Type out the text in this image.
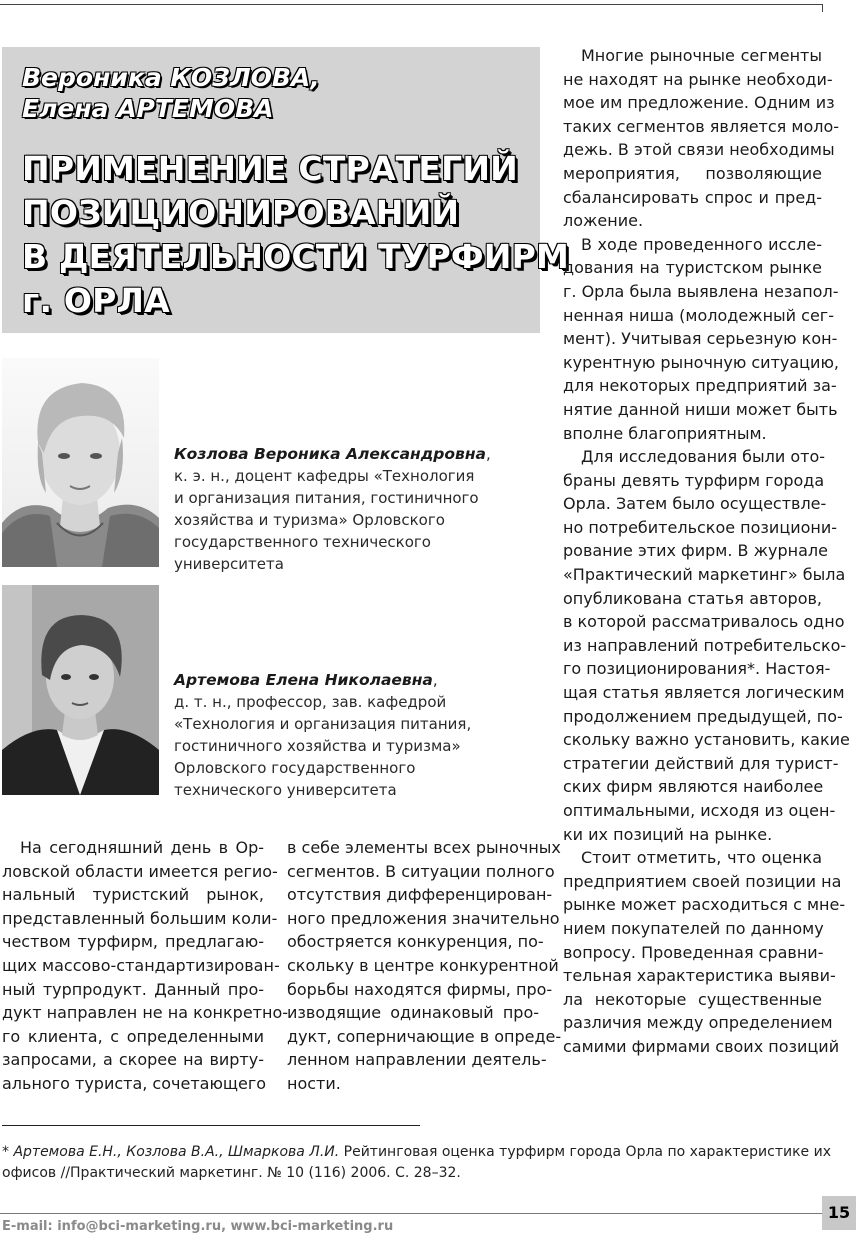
Вероника КОЗЛОВА,
Елена АРТЕМОВА
ПРИМЕНЕНИЕ СТРАТЕГИЙ
ПОЗИЦИОНИРОВАНИЙ
В ДЕЯТЕЛЬНОСТИ ТУРФИРМ
г. ОРЛА
Козлова Вероника Александровна,
к. э. н., доцент кафедры «Технология
и организация питания, гостиничного
хозяйства и туризма» Орловского
государственного технического
университета
Артемова Елена Николаевна,
д. т. н., профессор, зав. кафедрой
«Технология и организация питания,
гостиничного хозяйства и туризма»
Орловского государственного
технического университета
На сегодняшний день в Ор-
ловской области имеется регио-
нальный туристский рынок,
представленный большим коли-
чеством турфирм, предлагаю-
щих массово-стандартизирован-
ный турпродукт. Данный про-
дукт направлен не на конкретно-
го клиента, с определенными
запросами, а скорее на вирту-
ального туриста, сочетающего
в себе элементы всех рыночных
сегментов. В ситуации полного
отсутствия дифференцирован-
ного предложения значительно
обостряется конкуренция, по-
скольку в центре конкурентной
борьбы находятся фирмы, про-
изводящие одинаковый про-
дукт, соперничающие в опреде-
ленном направлении деятель-
ности.
Многие рыночные сегменты
не находят на рынке необходи-
мое им предложение. Одним из
таких сегментов является моло-
дежь. В этой связи необходимы
мероприятия, позволяющие
сбалансировать спрос и пред-
ложение.
В ходе проведенного иссле-
дования на туристском рынке
г. Орла была выявлена незапол-
ненная ниша (молодежный сег-
мент). Учитывая серьезную кон-
курентную рыночную ситуацию,
для некоторых предприятий за-
нятие данной ниши может быть
вполне благоприятным.
Для исследования были ото-
браны девять турфирм города
Орла. Затем было осуществле-
но потребительское позициони-
рование этих фирм. В журнале
«Практический маркетинг» была
опубликована статья авторов,
в которой рассматривалось одно
из направлений потребительско-
го позиционирования*. Настоя-
щая статья является логическим
продолжением предыдущей, по-
скольку важно установить, какие
стратегии действий для турист-
ских фирм являются наиболее
оптимальными, исходя из оцен-
ки их позиций на рынке.
Стоит отметить, что оценка
предприятием своей позиции на
рынке может расходиться с мне-
нием покупателей по данному
вопросу. Проведенная сравни-
тельная характеристика выяви-
ла некоторые существенные
различия между определением
самими фирмами своих позиций
* Артемова Е.Н., Козлова В.А., Шмаркова Л.И. Рейтинговая оценка турфирм города Орла по характеристике их
офисов //Практический маркетинг. № 10 (116) 2006. С. 28–32.
E-mail: info@bci-marketing.ru, www.bci-marketing.ru
15
